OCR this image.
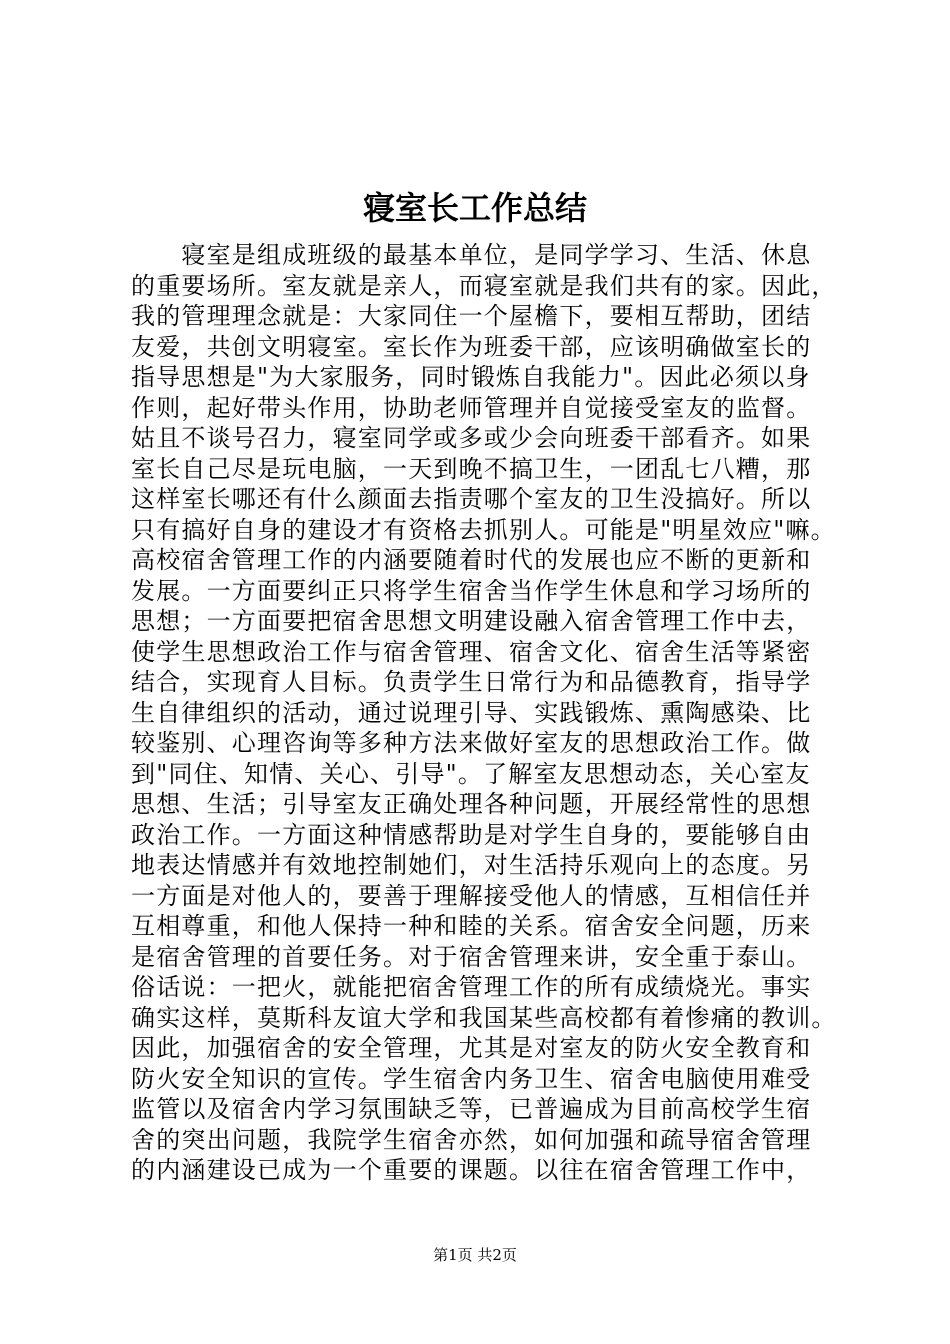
寝室长工作总结
　　寝室是组成班级的最基本单位，是同学学习、生活、休息
的重要场所。室友就是亲人，而寝室就是我们共有的家。因此，
我的管理理念就是：大家同住一个屋檐下，要相互帮助，团结
友爱，共创文明寝室。室长作为班委干部，应该明确做室长的
指导思想是"为大家服务，同时锻炼自我能力"。因此必须以身
作则，起好带头作用，协助老师管理并自觉接受室友的监督。
姑且不谈号召力，寝室同学或多或少会向班委干部看齐。如果
室长自己尽是玩电脑，一天到晚不搞卫生，一团乱七八糟，那
这样室长哪还有什么颜面去指责哪个室友的卫生没搞好。所以
只有搞好自身的建设才有资格去抓别人。可能是"明星效应"嘛。
高校宿舍管理工作的内涵要随着时代的发展也应不断的更新和
发展。一方面要纠正只将学生宿舍当作学生休息和学习场所的
思想；一方面要把宿舍思想文明建设融入宿舍管理工作中去，
使学生思想政治工作与宿舍管理、宿舍文化、宿舍生活等紧密
结合，实现育人目标。负责学生日常行为和品德教育，指导学
生自律组织的活动，通过说理引导、实践锻炼、熏陶感染、比
较鉴别、心理咨询等多种方法来做好室友的思想政治工作。做
到"同住、知情、关心、引导"。了解室友思想动态，关心室友
思想、生活；引导室友正确处理各种问题，开展经常性的思想
政治工作。一方面这种情感帮助是对学生自身的，要能够自由
地表达情感并有效地控制她们，对生活持乐观向上的态度。另
一方面是对他人的，要善于理解接受他人的情感，互相信任并
互相尊重，和他人保持一种和睦的关系。宿舍安全问题，历来
是宿舍管理的首要任务。对于宿舍管理来讲，安全重于泰山。
俗话说：一把火，就能把宿舍管理工作的所有成绩烧光。事实
确实这样，莫斯科友谊大学和我国某些高校都有着惨痛的教训。
因此，加强宿舍的安全管理，尤其是对室友的防火安全教育和
防火安全知识的宣传。学生宿舍内务卫生、宿舍电脑使用难受
监管以及宿舍内学习氛围缺乏等，已普遍成为目前高校学生宿
舍的突出问题，我院学生宿舍亦然，如何加强和疏导宿舍管理
的内涵建设已成为一个重要的课题。以往在宿舍管理工作中，
第1页 共2页
